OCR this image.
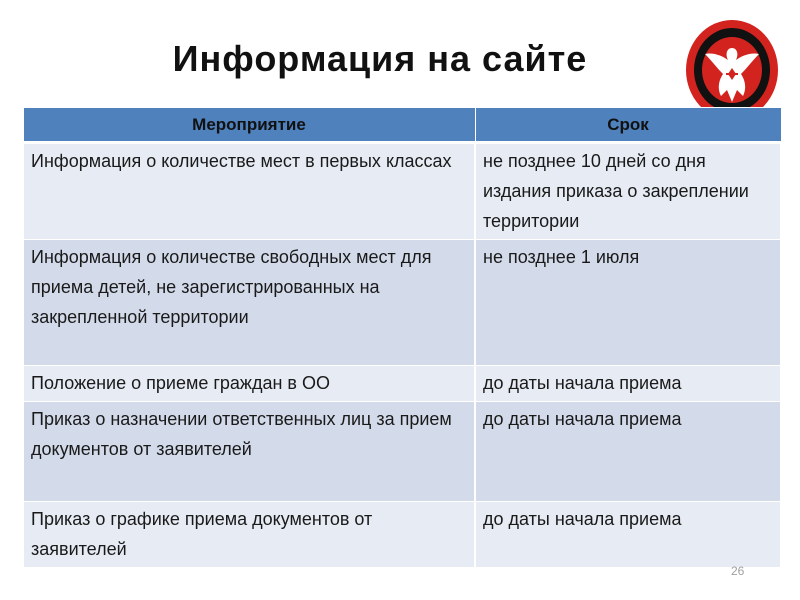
Информация на сайте
Мероприятие	Срок
Информация о количестве мест в первых классах	не позднее 10 дней со дня издания приказа о закреплении территории
Информация о количестве свободных мест для приема детей, не зарегистрированных на закрепленной территории	не позднее 1 июля
Положение о приеме граждан в ОО	до даты начала приема
Приказ о назначении ответственных лиц за прием документов от заявителей	до даты начала приема
Приказ о графике приема документов от заявителей	до даты начала приема
26
